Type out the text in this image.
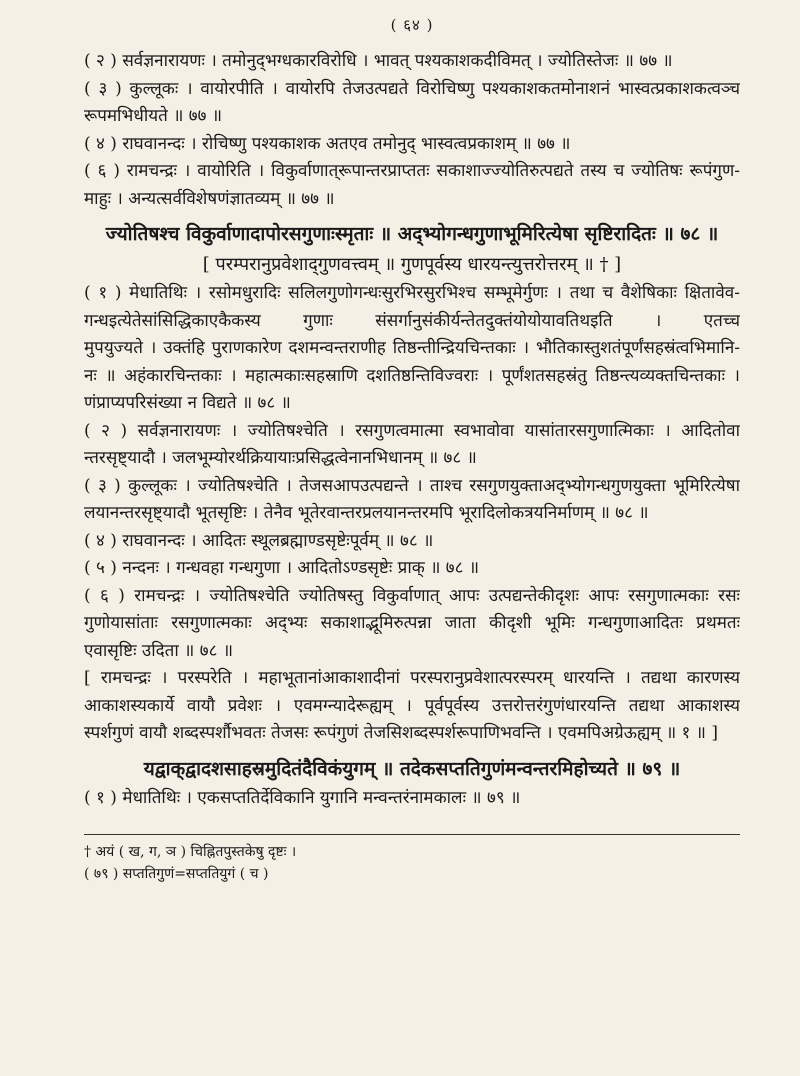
( ६४ )
( २ ) सर्वज्ञनारायणः । तमोनुद्‌भग्धकारविरोधि । भावत् पश्यकाशकदीविमत् । ज्योतिस्तेजः ॥ ७७ ॥
( ३ ) कुल्लूकः । वायोरपीति । वायोरपि तेजउत्पद्यते विरोचिष्णु पश्यकाशकतमोनाशनं भास्वत्प्रकाशकत्वञ्च
रूपमभिधीयते ॥ ७७ ॥
( ४ ) राघवानन्दः । रोचिष्णु पश्यकाशक अतएव तमोनुद् भास्वत्वप्रकाशम् ॥ ७७ ॥
( ६ ) रामचन्द्रः । वायोरिति । विकुर्वाणात्‌रूपान्तरप्राप्ततः सकाशाज्ज्योतिरुत्पद्यते तस्य च ज्योतिषः रूपंगुण-
माहुः । अन्यत्सर्वविशेषणंज्ञातव्यम् ॥ ७७ ॥
ज्योतिषश्च विकुर्वाणादापोरसगुणाःस्मृताः ॥ अद्भ्योगन्धगुणाभूमिरित्येषा सृष्टिरादितः ॥ ७८ ॥
[ परम्परानुप्रवेशाद्‌गुणवत्त्वम् ॥ गुणपूर्वस्य धारयन्त्युत्तरोत्तरम् ॥ † ]
( १ ) मेधातिथिः । रसोमधुरादिः सलिलगुणोगन्धःसुरभिरसुरभिश्च सम्भूमेर्गुणः । तथा च वैशेषिकाः क्षितावेव-
गन्धइत्येतेसांसिद्धिकाएकैकस्य गुणाः संसर्गानुसंकीर्यन्तेतदुक्तंयोयोयावतिथइति । एतच्च
मुपयुज्यते । उक्तंहि पुराणकारेण दशमन्वन्तराणीह तिष्ठन्तीन्द्रियचिन्तकाः । भौतिकास्तुशतंपूर्णंसहस्रंत्वभिमानि-
नः ॥ अहंकारचिन्तकाः । महात्मकाःसहस्राणि दशतिष्ठन्तिविज्वराः । पूर्णंशतसहस्रंतु तिष्ठन्त्यव्यक्तचिन्तकाः ।
णंप्राप्यपरिसंख्या न विद्यते ॥ ७८ ॥
( २ ) सर्वज्ञनारायणः । ज्योतिषश्चेति । रसगुणत्वमात्मा स्वभावोवा यासांतारसगुणात्मिकाः । आदितोवा
न्तरसृष्ट्यादौ । जलभूम्योरर्थक्रियायाःप्रसिद्धत्वेनानभिधानम् ॥ ७८ ॥
( ३ ) कुल्लूकः । ज्योतिषश्चेति । तेजसआपउत्पद्यन्ते । ताश्च रसगुणयुक्ताअद्भ्योगन्धगुणयुक्ता भूमिरित्येषा
लयानन्तरसृष्ट्यादौ भूतसृष्टिः । तेनैव भूतेरवान्तरप्रलयानन्तरमपि भूरादिलोकत्रयनिर्माणम् ॥ ७८ ॥
( ४ ) राघवानन्दः । आदितः स्थूलब्रह्माण्डसृष्टेःपूर्वम् ॥ ७८ ॥
( ५ ) नन्दनः । गन्धवहा गन्धगुणा । आदितोऽण्डसृष्टेः प्राक् ॥ ७८ ॥
( ६ ) रामचन्द्रः । ज्योतिषश्चेति ज्योतिषस्तु विकुर्वाणात् आपः उत्पद्यन्तेकीदृशः आपः रसगुणात्मकाः रसः
गुणोयासांताः रसगुणात्मकाः अद्भ्यः सकाशाद्भूमिरुत्पन्ना जाता कीदृशी भूमिः गन्धगुणाआदितः प्रथमतः
एवासृष्टिः उदिता ॥ ७८ ॥
[ रामचन्द्रः । परस्परेति । महाभूतानांआकाशादीनां परस्परानुप्रवेशात्परस्परम् धारयन्ति । तद्यथा कारणस्य
आकाशस्यकार्ये वायौ प्रवेशः । एवमग्न्यादेरूह्यम् । पूर्वपूर्वस्य उत्तरोत्तरंगुणंधारयन्ति तद्यथा आकाशस्य
स्पर्शगुणं वायौ शब्दस्पर्शौभवतः तेजसः रूपंगुणं तेजसिशब्दस्पर्शरूपाणिभवन्ति । एवमपिअग्रेऊह्यम् ॥ १ ॥ ]
यद्वाक्‌द्वादशसाहस्रमुदितंदैविकंयुगम् ॥ तदेकसप्ततिगुणंमन्वन्तरमिहोच्यते ॥ ७९ ॥
( १ ) मेधातिथिः । एकसप्ततिर्देविकानि युगानि मन्वन्तरंनामकालः ॥ ७९ ॥
† अयं ( ख, ग, ञ ) चिह्नितपुस्तकेषु दृष्टः ।
( ७९ ) सप्ततिगुणं=सप्ततियुगं ( च )
